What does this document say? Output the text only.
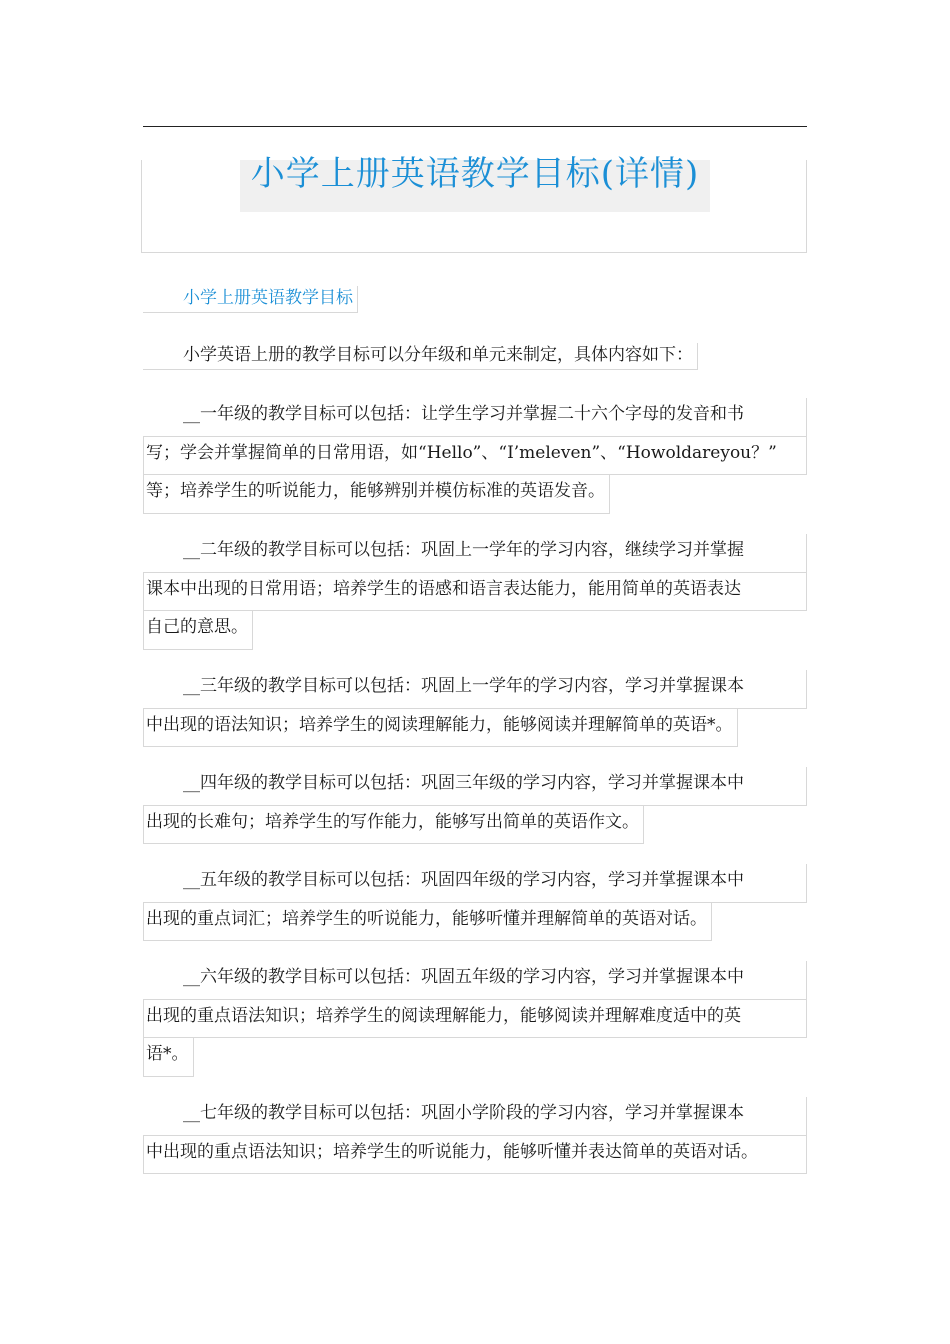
小学上册英语教学目标(详情)
小学上册英语教学目标
小学英语上册的教学目标可以分年级和单元来制定，具体内容如下：
__一年级的教学目标可以包括：让学生学习并掌握二十六个字母的发音和书
写；学会并掌握简单的日常用语，如“Hello”、“I’meleven”、“Howoldareyou？”
等；培养学生的听说能力，能够辨别并模仿标准的英语发音。
__二年级的教学目标可以包括：巩固上一学年的学习内容，继续学习并掌握
课本中出现的日常用语；培养学生的语感和语言表达能力，能用简单的英语表达
自己的意思。
__三年级的教学目标可以包括：巩固上一学年的学习内容，学习并掌握课本
中出现的语法知识；培养学生的阅读理解能力，能够阅读并理解简单的英语*。
__四年级的教学目标可以包括：巩固三年级的学习内容，学习并掌握课本中
出现的长难句；培养学生的写作能力，能够写出简单的英语作文。
__五年级的教学目标可以包括：巩固四年级的学习内容，学习并掌握课本中
出现的重点词汇；培养学生的听说能力，能够听懂并理解简单的英语对话。
__六年级的教学目标可以包括：巩固五年级的学习内容，学习并掌握课本中
出现的重点语法知识；培养学生的阅读理解能力，能够阅读并理解难度适中的英
语*。
__七年级的教学目标可以包括：巩固小学阶段的学习内容，学习并掌握课本
中出现的重点语法知识；培养学生的听说能力，能够听懂并表达简单的英语对话。
